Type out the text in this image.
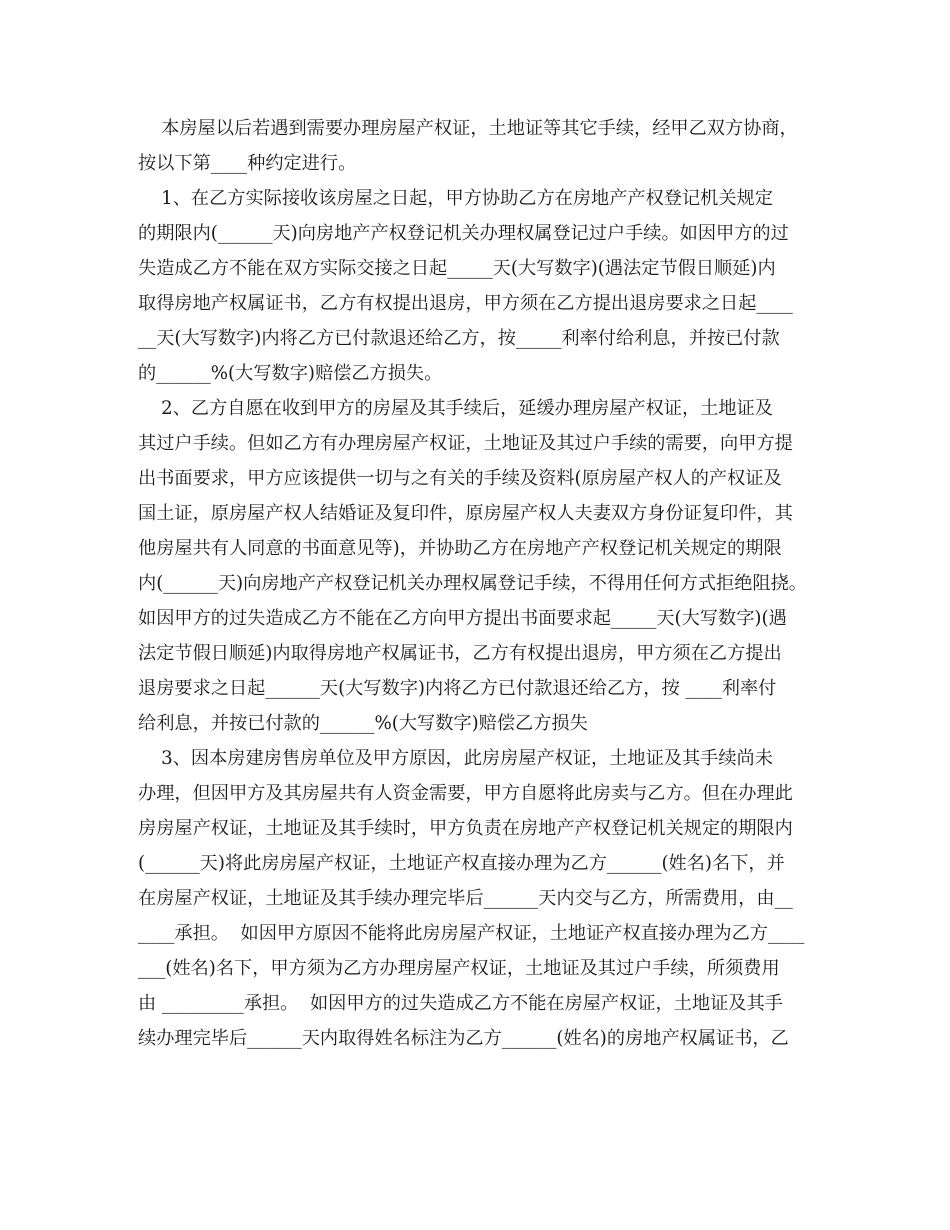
本房屋以后若遇到需要办理房屋产权证，土地证等其它手续，经甲乙双方协商，
按以下第____种约定进行。
1、在乙方实际接收该房屋之日起，甲方协助乙方在房地产产权登记机关规定
的期限内(______天)向房地产产权登记机关办理权属登记过户手续。如因甲方的过
失造成乙方不能在双方实际交接之日起_____天(大写数字)(遇法定节假日顺延)内
取得房地产权属证书，乙方有权提出退房，甲方须在乙方提出退房要求之日起____
__天(大写数字)内将乙方已付款退还给乙方，按_____利率付给利息，并按已付款
的______%(大写数字)赔偿乙方损失。
2、乙方自愿在收到甲方的房屋及其手续后，延缓办理房屋产权证，土地证及
其过户手续。但如乙方有办理房屋产权证，土地证及其过户手续的需要，向甲方提
出书面要求，甲方应该提供一切与之有关的手续及资料(原房屋产权人的产权证及
国土证，原房屋产权人结婚证及复印件，原房屋产权人夫妻双方身份证复印件，其
他房屋共有人同意的书面意见等)，并协助乙方在房地产产权登记机关规定的期限
内(______天)向房地产产权登记机关办理权属登记手续，不得用任何方式拒绝阻挠。
如因甲方的过失造成乙方不能在乙方向甲方提出书面要求起_____天(大写数字)(遇
法定节假日顺延)内取得房地产权属证书，乙方有权提出退房，甲方须在乙方提出
退房要求之日起______天(大写数字)内将乙方已付款退还给乙方，按 ____利率付
给利息，并按已付款的______%(大写数字)赔偿乙方损失
3、因本房建房售房单位及甲方原因，此房房屋产权证，土地证及其手续尚未
办理，但因甲方及其房屋共有人资金需要，甲方自愿将此房卖与乙方。但在办理此
房房屋产权证，土地证及其手续时，甲方负责在房地产产权登记机关规定的期限内
(______天)将此房房屋产权证，土地证产权直接办理为乙方______(姓名)名下，并
在房屋产权证，土地证及其手续办理完毕后______天内交与乙方，所需费用，由__
____承担。  如因甲方原因不能将此房房屋产权证，土地证产权直接办理为乙方____
___(姓名)名下，甲方须为乙方办理房屋产权证，土地证及其过户手续，所须费用
由 _________承担。  如因甲方的过失造成乙方不能在房屋产权证，土地证及其手
续办理完毕后______天内取得姓名标注为乙方______(姓名)的房地产权属证书，乙
